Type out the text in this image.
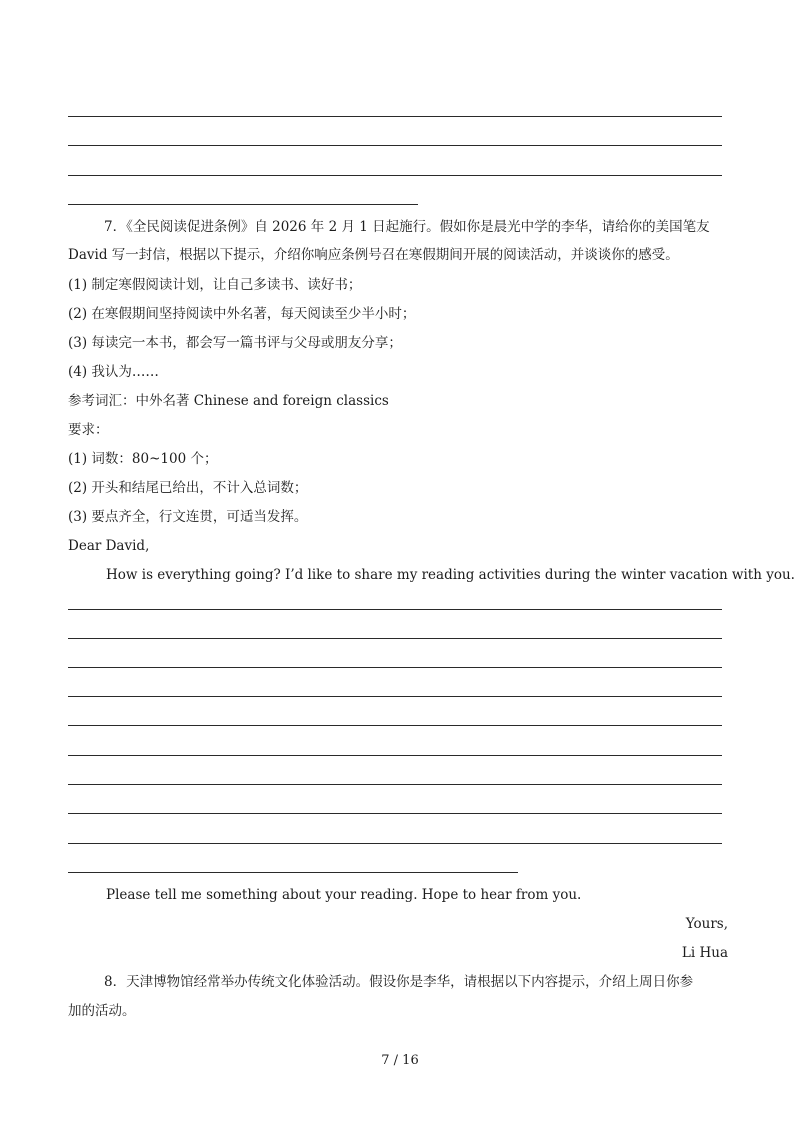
7．《全民阅读促进条例》自 2026 年 2 月 1 日起施行。假如你是晨光中学的李华，请给你的美国笔友
David 写一封信，根据以下提示，介绍你响应条例号召在寒假期间开展的阅读活动，并谈谈你的感受。
(1) 制定寒假阅读计划，让自己多读书、读好书；
(2) 在寒假期间坚持阅读中外名著，每天阅读至少半小时；
(3) 每读完一本书，都会写一篇书评与父母或朋友分享；
(4) 我认为……
参考词汇：中外名著 Chinese and foreign classics
要求：
(1) 词数：80~100 个；
(2) 开头和结尾已给出，不计入总词数；
(3) 要点齐全，行文连贯，可适当发挥。
Dear David,
How is everything going? I’d like to share my reading activities during the winter vacation with you.
Please tell me something about your reading. Hope to hear from you.
Yours,
Li Hua
8．天津博物馆经常举办传统文化体验活动。假设你是李华，请根据以下内容提示，介绍上周日你参
加的活动。
7 / 16
